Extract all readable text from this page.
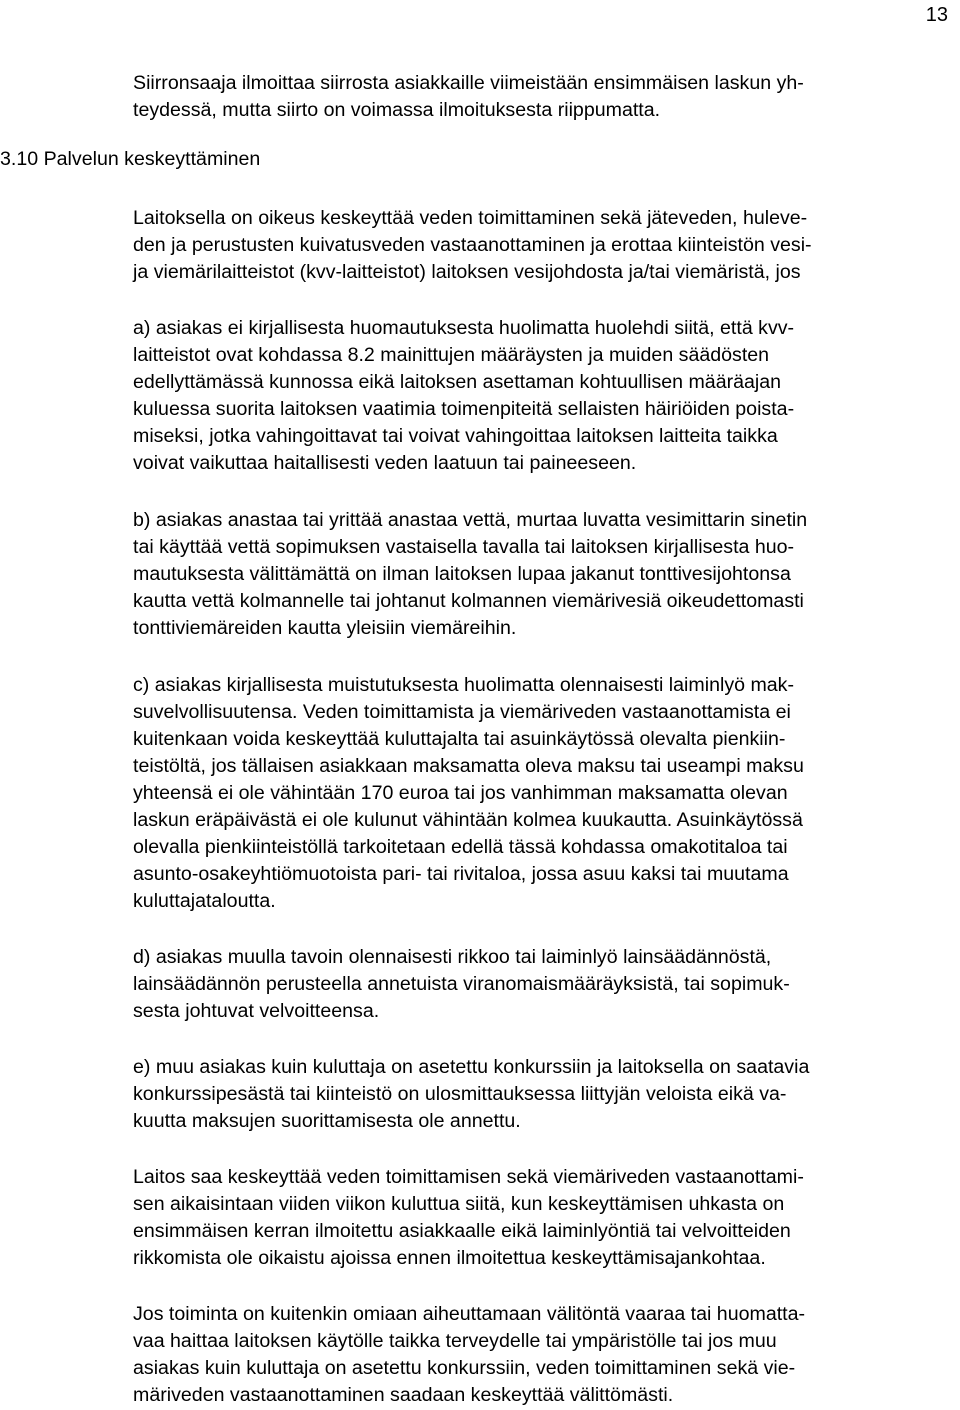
13
Siirronsaaja ilmoittaa siirrosta asiakkaille viimeistään ensimmäisen laskun yh-
teydessä, mutta siirto on voimassa ilmoituksesta riippumatta.
3.10 Palvelun keskeyttäminen
Laitoksella on oikeus keskeyttää veden toimittaminen sekä jäteveden, huleve-
den ja perustusten kuivatusveden vastaanottaminen ja erottaa kiinteistön vesi-
ja viemärilaitteistot (kvv-laitteistot) laitoksen vesijohdosta ja/tai viemäristä, jos
a) asiakas ei kirjallisesta huomautuksesta huolimatta huolehdi siitä, että kvv-
laitteistot ovat kohdassa 8.2 mainittujen määräysten ja muiden säädösten
edellyttämässä kunnossa eikä laitoksen asettaman kohtuullisen määräajan
kuluessa suorita laitoksen vaatimia toimenpiteitä sellaisten häiriöiden poista-
miseksi, jotka vahingoittavat tai voivat vahingoittaa laitoksen laitteita taikka
voivat vaikuttaa haitallisesti veden laatuun tai paineeseen.
b) asiakas anastaa tai yrittää anastaa vettä, murtaa luvatta vesimittarin sinetin
tai käyttää vettä sopimuksen vastaisella tavalla tai laitoksen kirjallisesta huo-
mautuksesta välittämättä on ilman laitoksen lupaa jakanut tonttivesijohtonsa
kautta vettä kolmannelle tai johtanut kolmannen viemärivesiä oikeudettomasti
tonttiviemäreiden kautta yleisiin viemäreihin.
c) asiakas kirjallisesta muistutuksesta huolimatta olennaisesti laiminlyö mak-
suvelvollisuutensa. Veden toimittamista ja viemäriveden vastaanottamista ei
kuitenkaan voida keskeyttää kuluttajalta tai asuinkäytössä olevalta pienkiin-
teistöltä, jos tällaisen asiakkaan maksamatta oleva maksu tai useampi maksu
yhteensä ei ole vähintään 170 euroa tai jos vanhimman maksamatta olevan
laskun eräpäivästä ei ole kulunut vähintään kolmea kuukautta. Asuinkäytössä
olevalla pienkiinteistöllä tarkoitetaan edellä tässä kohdassa omakotitaloa tai
asunto-osakeyhtiömuotoista pari- tai rivitaloa, jossa asuu kaksi tai muutama
kuluttajataloutta.
d) asiakas muulla tavoin olennaisesti rikkoo tai laiminlyö lainsäädännöstä,
lainsäädännön perusteella annetuista viranomaismääräyksistä, tai sopimuk-
sesta johtuvat velvoitteensa.
e) muu asiakas kuin kuluttaja on asetettu konkurssiin ja laitoksella on saatavia
konkurssipesästä tai kiinteistö on ulosmittauksessa liittyjän veloista eikä va-
kuutta maksujen suorittamisesta ole annettu.
Laitos saa keskeyttää veden toimittamisen sekä viemäriveden vastaanottami-
sen aikaisintaan viiden viikon kuluttua siitä, kun keskeyttämisen uhkasta on
ensimmäisen kerran ilmoitettu asiakkaalle eikä laiminlyöntiä tai velvoitteiden
rikkomista ole oikaistu ajoissa ennen ilmoitettua keskeyttämisajankohtaa.
Jos toiminta on kuitenkin omiaan aiheuttamaan välitöntä vaaraa tai huomatta-
vaa haittaa laitoksen käytölle taikka terveydelle tai ympäristölle tai jos muu
asiakas kuin kuluttaja on asetettu konkurssiin, veden toimittaminen sekä vie-
märiveden vastaanottaminen saadaan keskeyttää välittömästi.
